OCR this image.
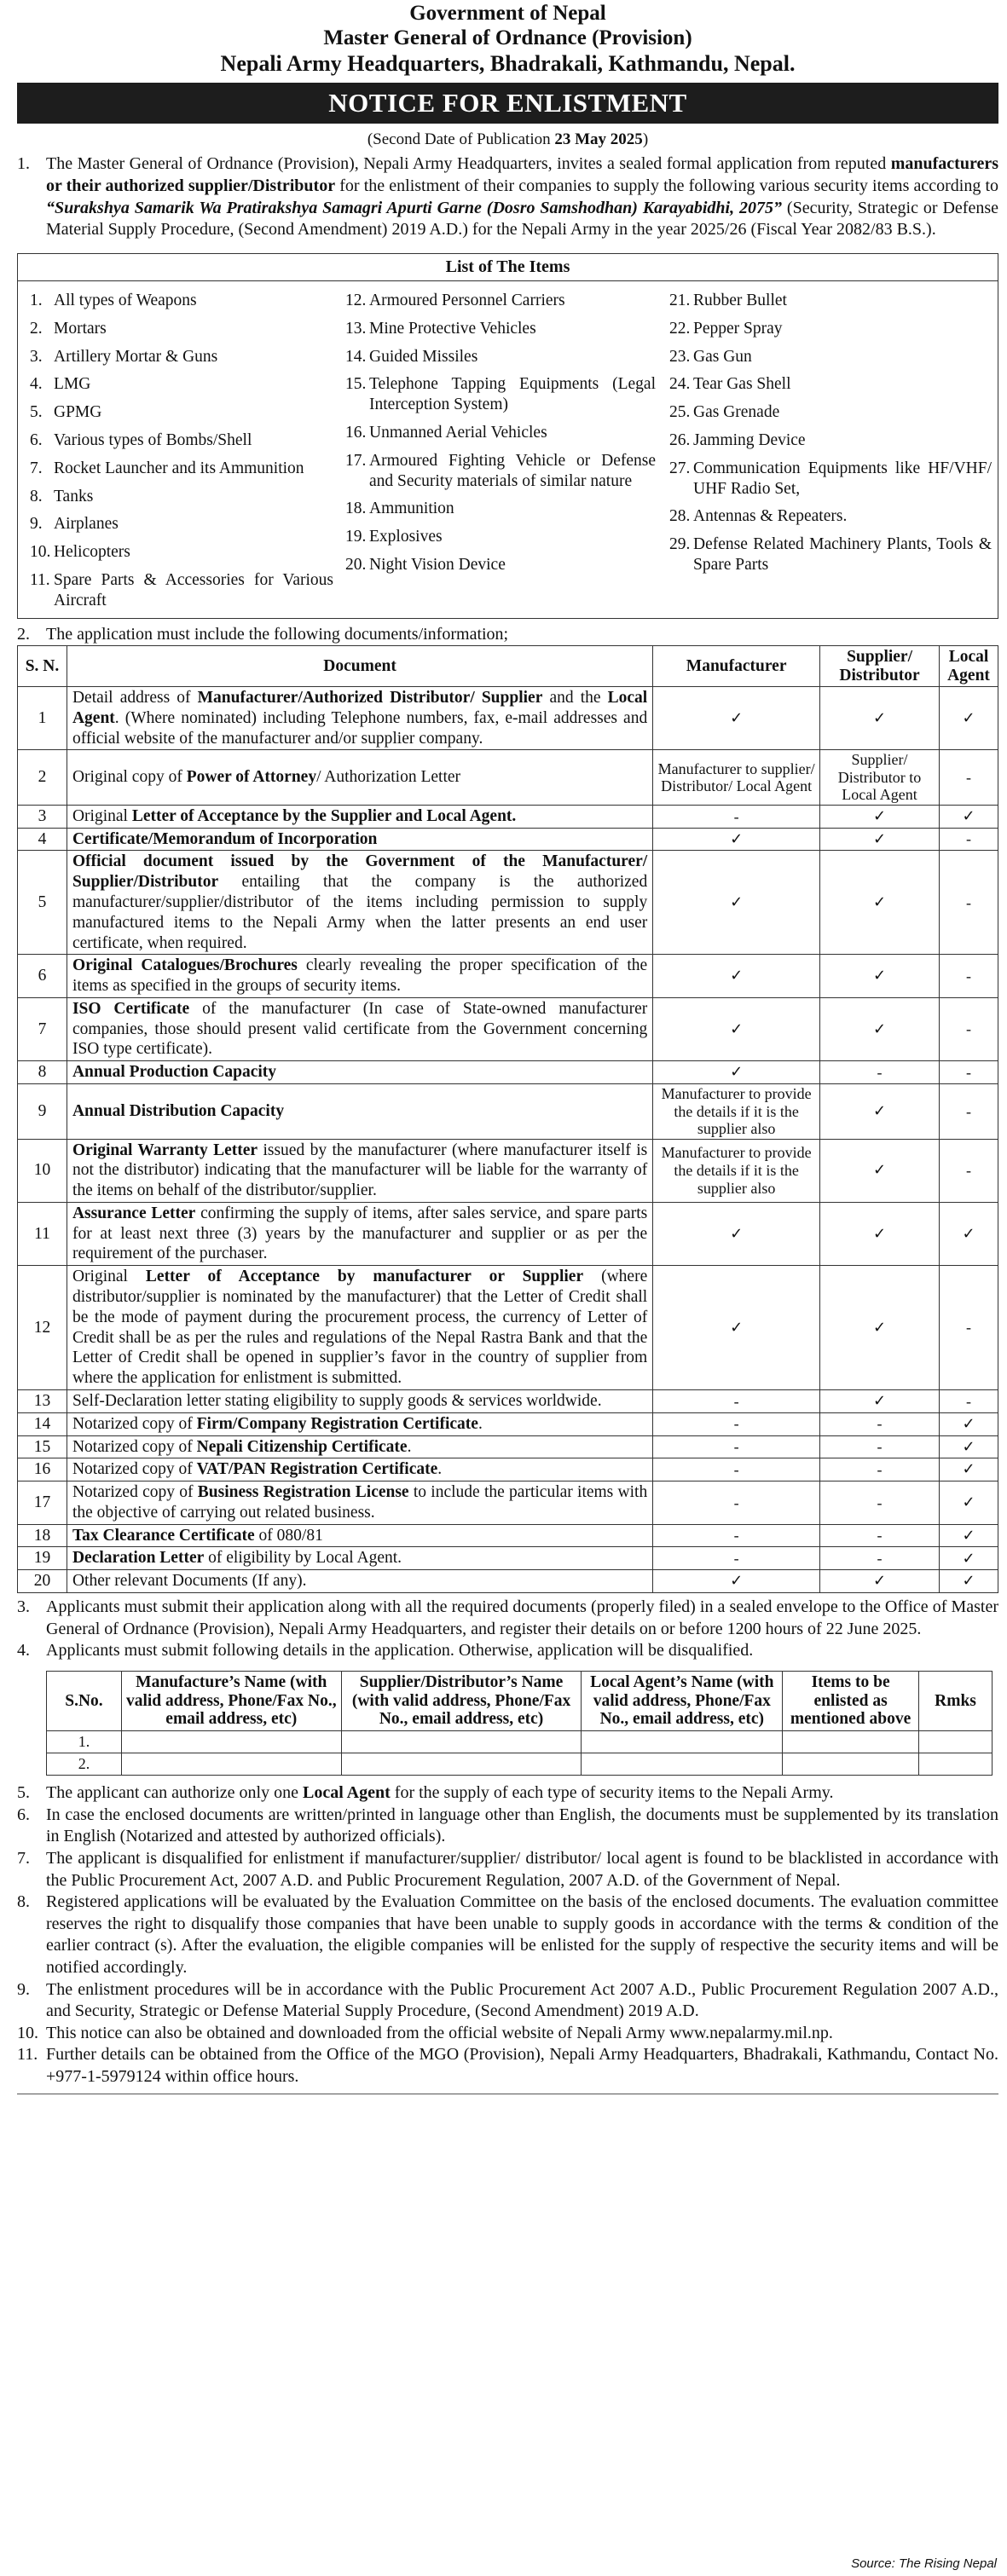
Government of Nepal
Master General of Ordnance (Provision)
Nepali Army Headquarters, Bhadrakali, Kathmandu, Nepal.
NOTICE FOR ENLISTMENT
(Second Date of Publication 23 May 2025)
1. The Master General of Ordnance (Provision), Nepali Army Headquarters, invites a sealed formal application from reputed manufacturers or their authorized supplier/Distributor for the enlistment of their companies to supply the following various security items according to “Surakshya Samarik Wa Pratirakshya Samagri Apurti Garne (Dosro Samshodhan) Karayabidhi, 2075” (Security, Strategic or Defense Material Supply Procedure, (Second Amendment) 2019 A.D.) for the Nepali Army in the year 2025/26 (Fiscal Year 2082/83 B.S.).
List of The Items
1. All types of Weapons
2. Mortars
3. Artillery Mortar & Guns
4. LMG
5. GPMG
6. Various types of Bombs/Shell
7. Rocket Launcher and its Ammunition
8. Tanks
9. Airplanes
10. Helicopters
11. Spare Parts & Accessories for Various Aircraft
12. Armoured Personnel Carriers
13. Mine Protective Vehicles
14. Guided Missiles
15. Telephone Tapping Equipments (Legal Interception System)
16. Unmanned Aerial Vehicles
17. Armoured Fighting Vehicle or Defense and Security materials of similar nature
18. Ammunition
19. Explosives
20. Night Vision Device
21. Rubber Bullet
22. Pepper Spray
23. Gas Gun
24. Tear Gas Shell
25. Gas Grenade
26. Jamming Device
27. Communication Equipments like HF/VHF/ UHF Radio Set,
28. Antennas & Repeaters.
29. Defense Related Machinery Plants, Tools & Spare Parts
2. The application must include the following documents/information;
S. N.	Document	Manufacturer	Supplier/ Distributor	Local Agent
1	Detail address of Manufacturer/Authorized Distributor/ Supplier and the Local Agent. (Where nominated) including Telephone numbers, fax, e-mail addresses and official website of the manufacturer and/or supplier company.	✓	✓	✓
2	Original copy of Power of Attorney/ Authorization Letter	Manufacturer to supplier/ Distributor/ Local Agent	Supplier/ Distributor to Local Agent	-
3	Original Letter of Acceptance by the Supplier and Local Agent.	-	✓	✓
4	Certificate/Memorandum of Incorporation	✓	✓	-
5	Official document issued by the Government of the Manufacturer/ Supplier/Distributor entailing that the company is the authorized manufacturer/supplier/distributor of the items including permission to supply manufactured items to the Nepali Army when the latter presents an end user certificate, when required.	✓	✓	-
6	Original Catalogues/Brochures clearly revealing the proper specification of the items as specified in the groups of security items.	✓	✓	-
7	ISO Certificate of the manufacturer (In case of State-owned manufacturer companies, those should present valid certificate from the Government concerning ISO type certificate).	✓	✓	-
8	Annual Production Capacity	✓	-	-
9	Annual Distribution Capacity	Manufacturer to provide the details if it is the supplier also	✓	-
10	Original Warranty Letter issued by the manufacturer (where manufacturer itself is not the distributor) indicating that the manufacturer will be liable for the warranty of the items on behalf of the distributor/supplier.	Manufacturer to provide the details if it is the supplier also	✓	-
11	Assurance Letter confirming the supply of items, after sales service, and spare parts for at least next three (3) years by the manufacturer and supplier or as per the requirement of the purchaser.	✓	✓	✓
12	Original Letter of Acceptance by manufacturer or Supplier (where distributor/supplier is nominated by the manufacturer) that the Letter of Credit shall be the mode of payment during the procurement process, the currency of Letter of Credit shall be as per the rules and regulations of the Nepal Rastra Bank and that the Letter of Credit shall be opened in supplier’s favor in the country of supplier from where the application for enlistment is submitted.	✓	✓	-
13	Self-Declaration letter stating eligibility to supply goods & services worldwide.	-	✓	-
14	Notarized copy of Firm/Company Registration Certificate.	-	-	✓
15	Notarized copy of Nepali Citizenship Certificate.	-	-	✓
16	Notarized copy of VAT/PAN Registration Certificate.	-	-	✓
17	Notarized copy of Business Registration License to include the particular items with the objective of carrying out related business.	-	-	✓
18	Tax Clearance Certificate of 080/81	-	-	✓
19	Declaration Letter of eligibility by Local Agent.	-	-	✓
20	Other relevant Documents (If any).	✓	✓	✓
3. Applicants must submit their application along with all the required documents (properly filed) in a sealed envelope to the Office of Master General of Ordnance (Provision), Nepali Army Headquarters, and register their details on or before 1200 hours of 22 June 2025.
4. Applicants must submit following details in the application. Otherwise, application will be disqualified.
S.No.	Manufacture’s Name (with valid address, Phone/Fax No., email address, etc)	Supplier/Distributor’s Name (with valid address, Phone/Fax No., email address, etc)	Local Agent’s Name (with valid address, Phone/Fax No., email address, etc)	Items to be enlisted as mentioned above	Rmks
1.					
2.					
5. The applicant can authorize only one Local Agent for the supply of each type of security items to the Nepali Army.
6. In case the enclosed documents are written/printed in language other than English, the documents must be supplemented by its translation in English (Notarized and attested by authorized officials).
7. The applicant is disqualified for enlistment if manufacturer/supplier/ distributor/ local agent is found to be blacklisted in accordance with the Public Procurement Act, 2007 A.D. and Public Procurement Regulation, 2007 A.D. of the Government of Nepal.
8. Registered applications will be evaluated by the Evaluation Committee on the basis of the enclosed documents. The evaluation committee reserves the right to disqualify those companies that have been unable to supply goods in accordance with the terms & condition of the earlier contract (s). After the evaluation, the eligible companies will be enlisted for the supply of respective the security items and will be notified accordingly.
9. The enlistment procedures will be in accordance with the Public Procurement Act 2007 A.D., Public Procurement Regulation 2007 A.D., and Security, Strategic or Defense Material Supply Procedure, (Second Amendment) 2019 A.D.
10. This notice can also be obtained and downloaded from the official website of Nepali Army www.nepalarmy.mil.np.
11. Further details can be obtained from the Office of the MGO (Provision), Nepali Army Headquarters, Bhadrakali, Kathmandu, Contact No. +977-1-5979124 within office hours.
Source: The Rising Nepal
